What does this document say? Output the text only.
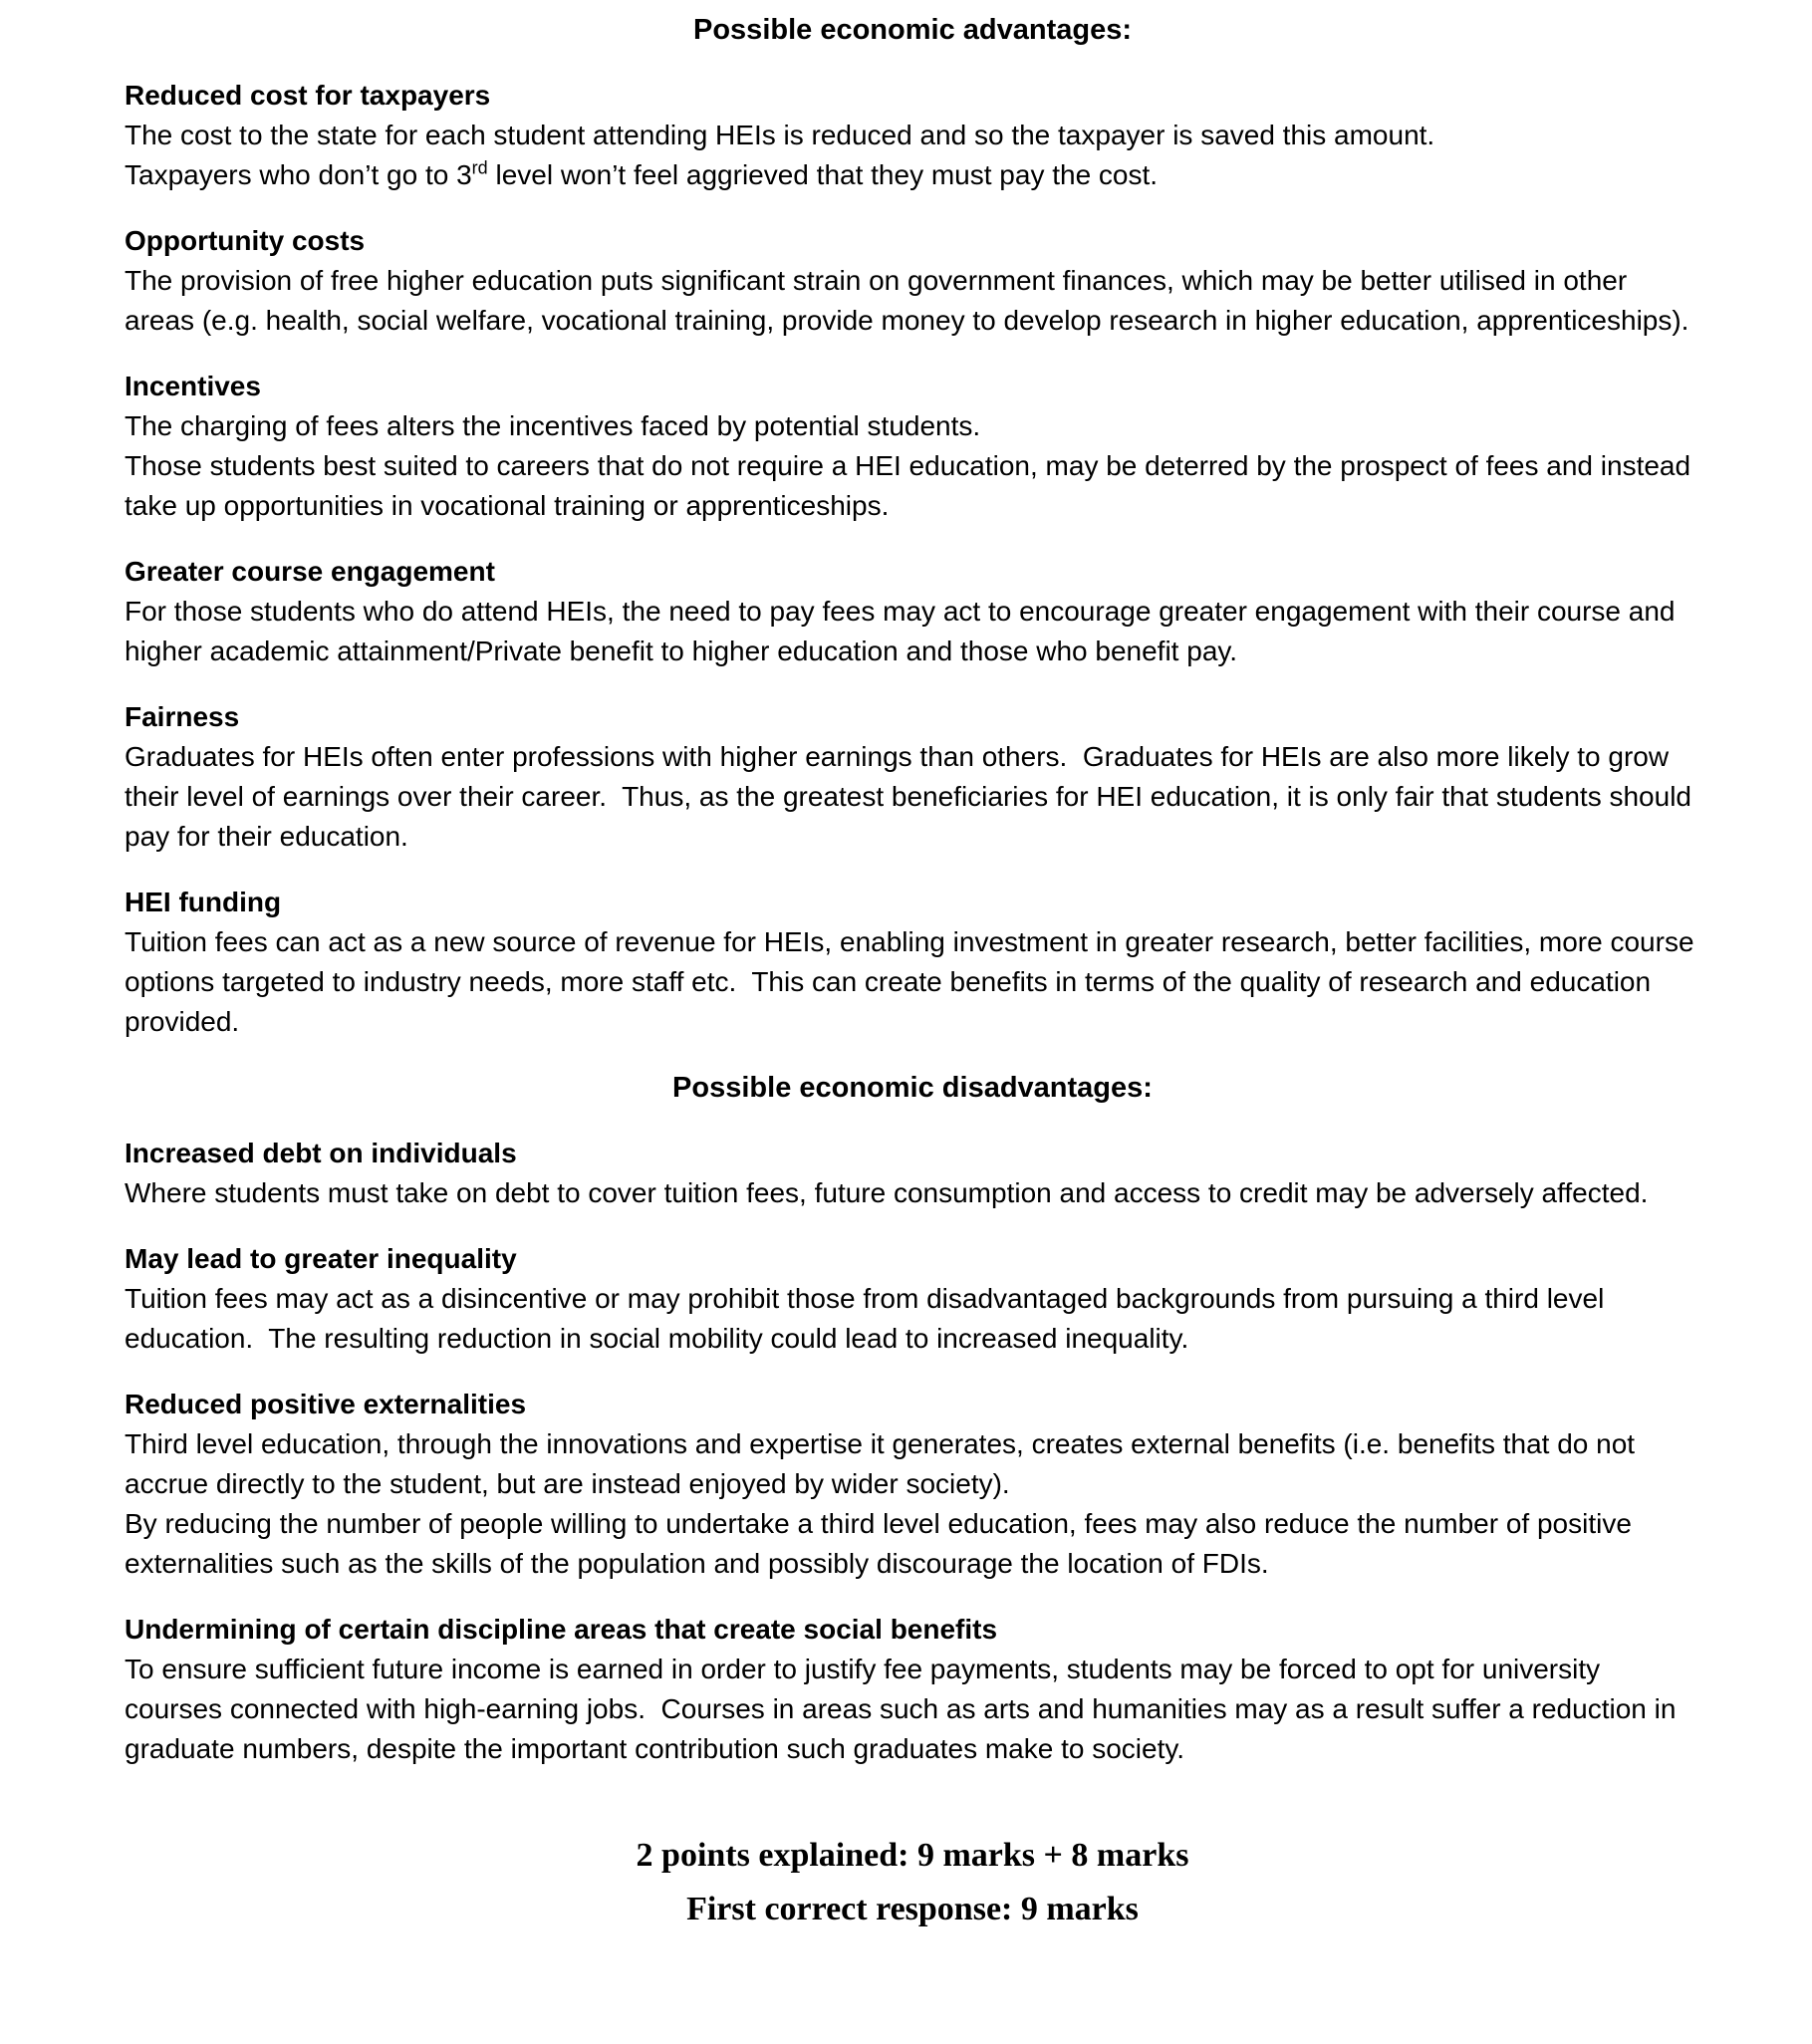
Possible economic advantages:
Reduced cost for taxpayers

The cost to the state for each student attending HEIs is reduced and so the taxpayer is saved this amount.

Taxpayers who don’t go to 3rd level won’t feel aggrieved that they must pay the cost.

Opportunity costs

The provision of free higher education puts significant strain on government finances, which may be better utilised in other areas (e.g. health, social welfare, vocational training, provide money to develop research in higher education, apprenticeships).

Incentives

The charging of fees alters the incentives faced by potential students.

Those students best suited to careers that do not require a HEI education, may be deterred by the prospect of fees and instead take up opportunities in vocational training or apprenticeships.

Greater course engagement

For those students who do attend HEIs, the need to pay fees may act to encourage greater engagement with their course and higher academic attainment/Private benefit to higher education and those who benefit pay.

Fairness

Graduates for HEIs often enter professions with higher earnings than others.  Graduates for HEIs are also more likely to grow their level of earnings over their career.  Thus, as the greatest beneficiaries for HEI education, it is only fair that students should pay for their education.

HEI funding

Tuition fees can act as a new source of revenue for HEIs, enabling investment in greater research, better facilities, more course options targeted to industry needs, more staff etc.  This can create benefits in terms of the quality of research and education provided.

Possible economic disadvantages:
Increased debt on individuals

Where students must take on debt to cover tuition fees, future consumption and access to credit may be adversely affected.

May lead to greater inequality

Tuition fees may act as a disincentive or may prohibit those from disadvantaged backgrounds from pursuing a third level education.  The resulting reduction in social mobility could lead to increased inequality.

Reduced positive externalities

Third level education, through the innovations and expertise it generates, creates external benefits (i.e. benefits that do not accrue directly to the student, but are instead enjoyed by wider society).

By reducing the number of people willing to undertake a third level education, fees may also reduce the number of positive externalities such as the skills of the population and possibly discourage the location of FDIs.

Undermining of certain discipline areas that create social benefits

To ensure sufficient future income is earned in order to justify fee payments, students may be forced to opt for university courses connected with high-earning jobs.  Courses in areas such as arts and humanities may as a result suffer a reduction in graduate numbers, despite the important contribution such graduates make to society.

2 points explained: 9 marks + 8 marks
First correct response: 9 marks
